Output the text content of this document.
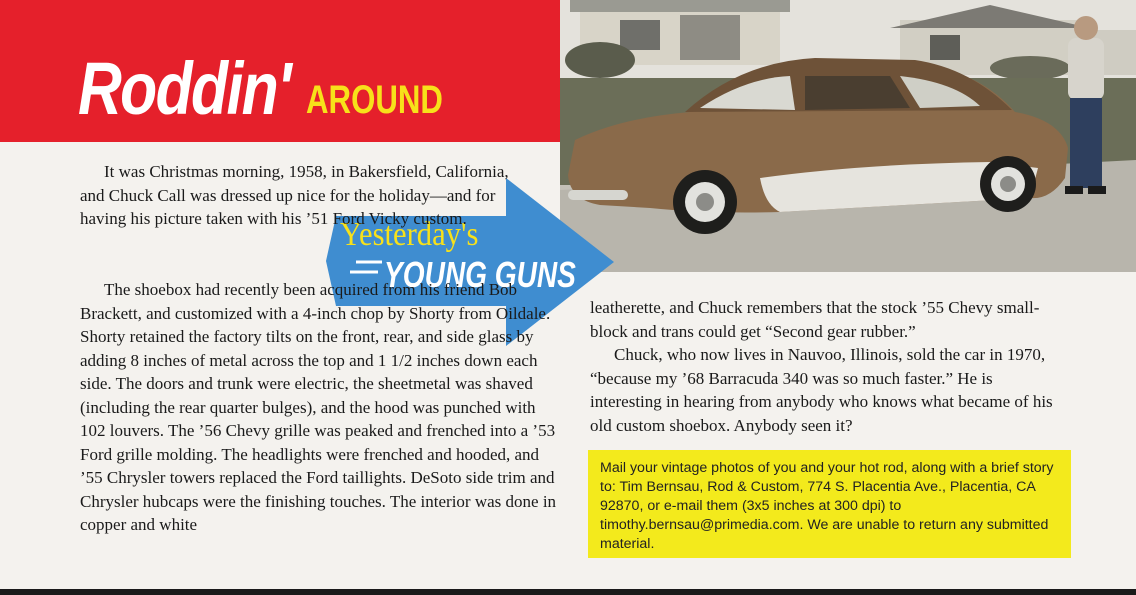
Roddin' AROUND
Yesterday's
YOUNG GUNS

It was Christmas morning, 1958, in Bakersfield, California, and Chuck Call was dressed up nice for the holiday—and for having his picture taken with his ’51 Ford Vicky custom.

The shoebox had recently been acquired from his friend Bob Brackett, and customized with a 4-inch chop by Shorty from Oildale. Shorty retained the factory tilts on the front, rear, and side glass by adding 8 inches of metal across the top and 1 1/2 inches down each side. The doors and trunk were electric, the sheetmetal was shaved (including the rear quarter bulges), and the hood was punched with 102 louvers. The ’56 Chevy grille was peaked and frenched into a ’53 Ford grille molding. The headlights were frenched and hooded, and ’55 Chrysler towers replaced the Ford taillights. DeSoto side trim and Chrysler hubcaps were the finishing touches. The interior was done in copper and white

leatherette, and Chuck remembers that the stock ’55 Chevy small-block and trans could get “Second gear rubber.”

Chuck, who now lives in Nauvoo, Illinois, sold the car in 1970, “because my ’68 Barracuda 340 was so much faster.” He is interesting in hearing from anybody who knows what became of his old custom shoebox. Anybody seen it?

Mail your vintage photos of you and your hot rod, along with a brief story to: Tim Bernsau, Rod & Custom, 774 S. Placentia Ave., Placentia, CA 92870, or e-mail them (3x5 inches at 300 dpi) to timothy.bernsau@primedia.com. We are unable to return any submitted material.
